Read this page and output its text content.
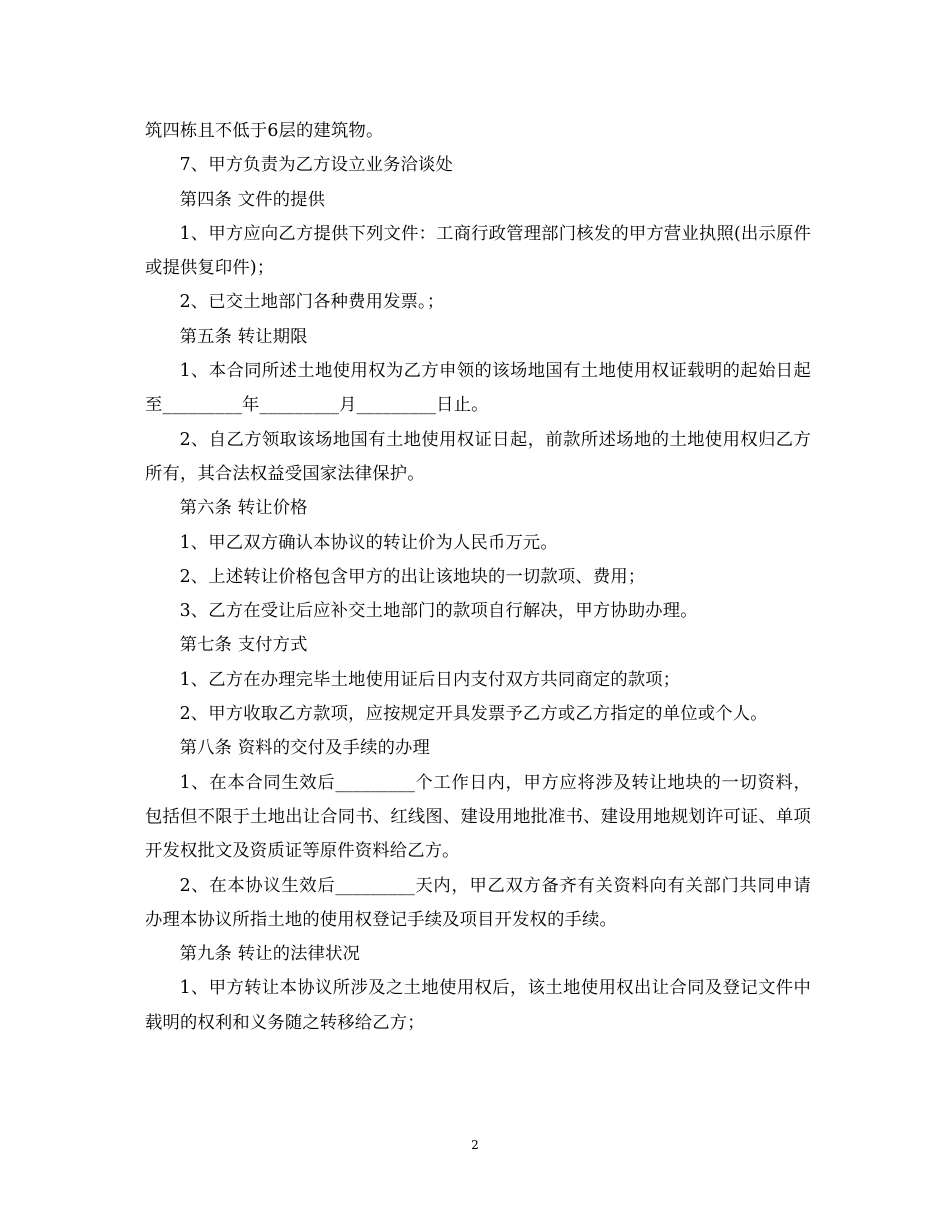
筑四栋且不低于6层的建筑物。

7、甲方负责为乙方设立业务洽谈处

第四条 文件的提供

1、甲方应向乙方提供下列文件：工商行政管理部门核发的甲方营业执照(出示原件或提供复印件)；

2、已交土地部门各种费用发票。；

第五条 转让期限

1、本合同所述土地使用权为乙方申领的该场地国有土地使用权证载明的起始日起至_________年_________月_________日止。

2、自乙方领取该场地国有土地使用权证日起，前款所述场地的土地使用权归乙方所有，其合法权益受国家法律保护。

第六条 转让价格

1、甲乙双方确认本协议的转让价为人民币万元。

2、上述转让价格包含甲方的出让该地块的一切款项、费用；

3、乙方在受让后应补交土地部门的款项自行解决，甲方协助办理。

第七条 支付方式

1、乙方在办理完毕土地使用证后日内支付双方共同商定的款项；

2、甲方收取乙方款项，应按规定开具发票予乙方或乙方指定的单位或个人。

第八条 资料的交付及手续的办理

1、在本合同生效后_________个工作日内，甲方应将涉及转让地块的一切资料，包括但不限于土地出让合同书、红线图、建设用地批准书、建设用地规划许可证、单项开发权批文及资质证等原件资料给乙方。

2、在本协议生效后_________天内，甲乙双方备齐有关资料向有关部门共同申请办理本协议所指土地的使用权登记手续及项目开发权的手续。

第九条 转让的法律状况

1、甲方转让本协议所涉及之土地使用权后，该土地使用权出让合同及登记文件中载明的权利和义务随之转移给乙方；

2
